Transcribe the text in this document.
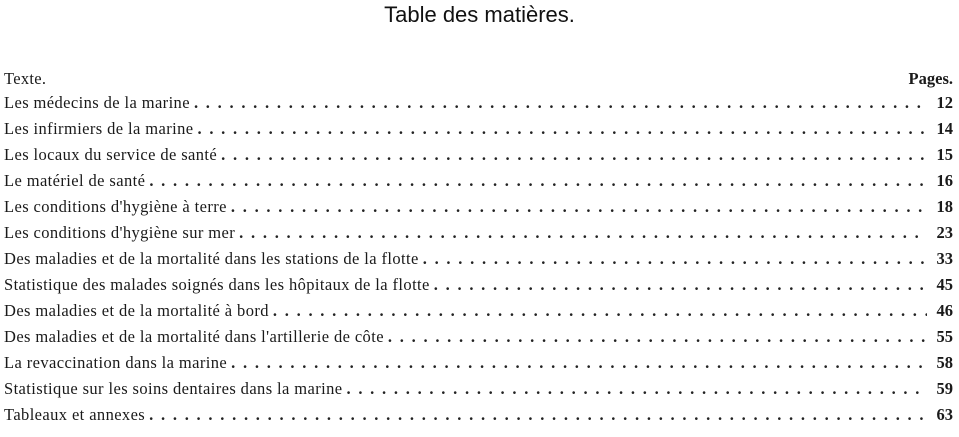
Table des matières.
Texte.	Pages.
Les médecins de la marine . . .	12
Les infirmiers de la marine . . .	14
Les locaux du service de santé . . .	15
Le matériel de santé . . .	16
Les conditions d'hygiène à terre . . .	18
Les conditions d'hygiène sur mer . . .	23
Des maladies et de la mortalité dans les stations de la flotte . . .	33
Statistique des malades soignés dans les hôpitaux de la flotte . . .	45
Des maladies et de la mortalité à bord . . .	46
Des maladies et de la mortalité dans l'artillerie de côte . . .	55
La revaccination dans la marine . . .	58
Statistique sur les soins dentaires dans la marine . . .	59
Tableaux et annexes . . .	63
